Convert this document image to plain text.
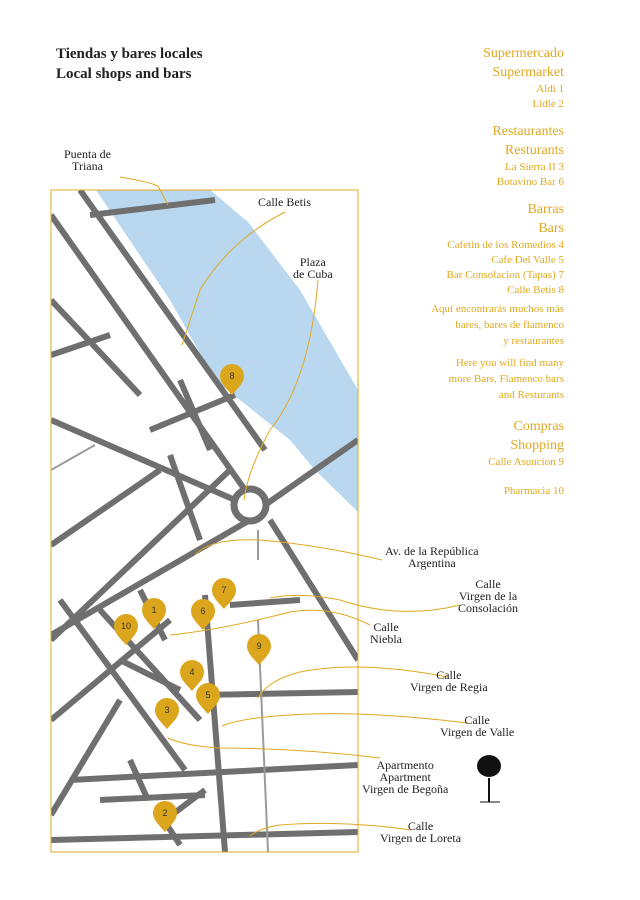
Tiendas y bares locales
Local shops and bars
Supermercado
Supermarket
Aldi 1
Lidle 2
Restaurantes
Resturants
La Sierra II 3
Botavino Bar 6
Barras
Bars
Cafetin de los Romedios 4
Cafe Del Valle 5
Bar Consolacion (Tapas) 7
Calle Betis 8
Aquí encontrarás muchos más
bares, bares de flamenco
y restaurantes
Here you will find many
more Bars, Flamenco bars
and Resturants
Compras
Shopping
Calle Asuncion 9
Pharmacia 10
1
2
3
4
5
6
7
8
9
10
Puenta de
Triana
Calle Betis
Plaza
de Cuba
Av. de la República
Argentina
Calle
Virgen de la
Consolación
Calle
Niebla
Calle
Virgen de Regia
Calle
Virgen de Valle
Apartmento
Apartment
Virgen de Begoña
Calle
Virgen de Loreta
